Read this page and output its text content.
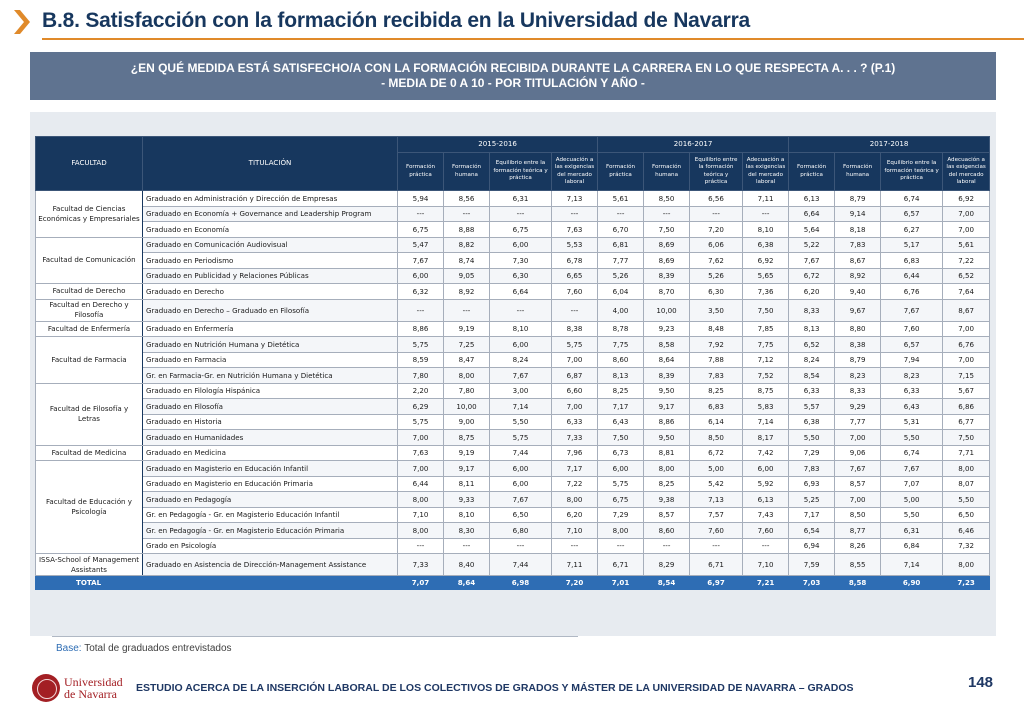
B.8. Satisfacción con la formación recibida en la Universidad de Navarra
¿EN QUÉ MEDIDA ESTÁ SATISFECHO/A CON LA FORMACIÓN RECIBIDA DURANTE LA CARRERA EN LO QUE RESPECTA A. . . ? (P.1)
- MEDIA DE 0 A 10 - POR TITULACIÓN Y AÑO -
FACULTAD	TITULACIÓN	2015-2016				2016-2017				2017-2018			
		Formación práctica	Formación humana	Equilibrio entre la formación teórica y práctica	Adecuación a las exigencias del mercado laboral	Formación práctica	Formación humana	Equilibrio entre la formación teórica y práctica	Adecuación a las exigencias del mercado laboral	Formación práctica	Formación humana	Equilibrio entre la formación teórica y práctica	Adecuación a las exigencias del mercado laboral
Facultad de Ciencias Económicas y Empresariales	Graduado en Administración y Dirección de Empresas	5,94	8,56	6,31	7,13	5,61	8,50	6,56	7,11	6,13	8,79	6,74	6,92
	Graduado en Economía + Governance and Leadership Program	---	---	---	---	---	---	---	---	6,64	9,14	6,57	7,00
	Graduado en Economía	6,75	8,88	6,75	7,63	6,70	7,50	7,20	8,10	5,64	8,18	6,27	7,00
Facultad de Comunicación	Graduado en Comunicación Audiovisual	5,47	8,82	6,00	5,53	6,81	8,69	6,06	6,38	5,22	7,83	5,17	5,61
	Graduado en Periodismo	7,67	8,74	7,30	6,78	7,77	8,69	7,62	6,92	7,67	8,67	6,83	7,22
	Graduado en Publicidad y Relaciones Públicas	6,00	9,05	6,30	6,65	5,26	8,39	5,26	5,65	6,72	8,92	6,44	6,52
Facultad de Derecho	Graduado en Derecho	6,32	8,92	6,64	7,60	6,04	8,70	6,30	7,36	6,20	9,40	6,76	7,64
Facultad en Derecho y Filosofía	Graduado en Derecho – Graduado en Filosofía	---	---	---	---	4,00	10,00	3,50	7,50	8,33	9,67	7,67	8,67
Facultad de Enfermería	Graduado en Enfermería	8,86	9,19	8,10	8,38	8,78	9,23	8,48	7,85	8,13	8,80	7,60	7,00
Facultad de Farmacia	Graduado en Nutrición Humana y Dietética	5,75	7,25	6,00	5,75	7,75	8,58	7,92	7,75	6,52	8,38	6,57	6,76
	Graduado en Farmacia	8,59	8,47	8,24	7,00	8,60	8,64	7,88	7,12	8,24	8,79	7,94	7,00
	Gr. en Farmacia-Gr. en Nutrición Humana y Dietética	7,80	8,00	7,67	6,87	8,13	8,39	7,83	7,52	8,54	8,23	8,23	7,15
Facultad de Filosofía y Letras	Graduado en Filología Hispánica	2,20	7,80	3,00	6,60	8,25	9,50	8,25	8,75	6,33	8,33	6,33	5,67
	Graduado en Filosofía	6,29	10,00	7,14	7,00	7,17	9,17	6,83	5,83	5,57	9,29	6,43	6,86
	Graduado en Historia	5,75	9,00	5,50	6,33	6,43	8,86	6,14	7,14	6,38	7,77	5,31	6,77
	Graduado en Humanidades	7,00	8,75	5,75	7,33	7,50	9,50	8,50	8,17	5,50	7,00	5,50	7,50
Facultad de Medicina	Graduado en Medicina	7,63	9,19	7,44	7,96	6,73	8,81	6,72	7,42	7,29	9,06	6,74	7,71
Facultad de Educación y Psicología	Graduado en Magisterio en Educación Infantil	7,00	9,17	6,00	7,17	6,00	8,00	5,00	6,00	7,83	7,67	7,67	8,00
	Graduado en Magisterio en Educación Primaria	6,44	8,11	6,00	7,22	5,75	8,25	5,42	5,92	6,93	8,57	7,07	8,07
	Graduado en Pedagogía	8,00	9,33	7,67	8,00	6,75	9,38	7,13	6,13	5,25	7,00	5,00	5,50
	Gr. en Pedagogía - Gr. en Magisterio Educación Infantil	7,10	8,10	6,50	6,20	7,29	8,57	7,57	7,43	7,17	8,50	5,50	6,50
	Gr. en Pedagogía - Gr. en Magisterio Educación Primaria	8,00	8,30	6,80	7,10	8,00	8,60	7,60	7,60	6,54	8,77	6,31	6,46
	Grado en Psicología	---	---	---	---	---	---	---	---	6,94	8,26	6,84	7,32
ISSA-School of Management Assistants	Graduado en Asistencia de Dirección-Management Assistance	7,33	8,40	7,44	7,11	6,71	8,29	6,71	7,10	7,59	8,55	7,14	8,00
TOTAL		7,07	8,64	6,98	7,20	7,01	8,54	6,97	7,21	7,03	8,58	6,90	7,23
Base: Total de graduados entrevistados
Universidad
de Navarra	ESTUDIO ACERCA DE LA INSERCIÓN LABORAL DE LOS COLECTIVOS DE GRADOS Y MÁSTER DE LA UNIVERSIDAD DE NAVARRA – GRADOS	148
